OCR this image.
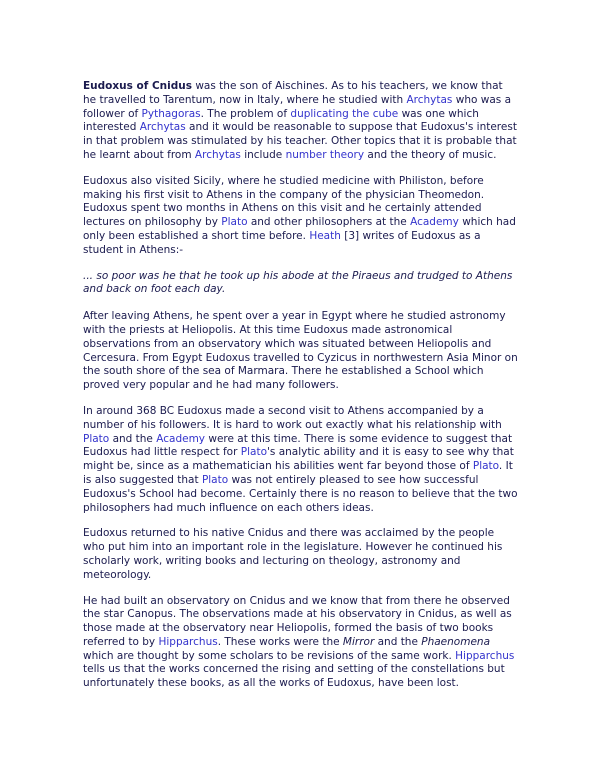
Eudoxus of Cnidus was the son of Aischines. As to his teachers, we know that he travelled to Tarentum, now in Italy, where he studied with Archytas who was a follower of Pythagoras. The problem of duplicating the cube was one which interested Archytas and it would be reasonable to suppose that Eudoxus's interest in that problem was stimulated by his teacher. Other topics that it is probable that he learnt about from Archytas include number theory and the theory of music.

Eudoxus also visited Sicily, where he studied medicine with Philiston, before making his first visit to Athens in the company of the physician Theomedon. Eudoxus spent two months in Athens on this visit and he certainly attended lectures on philosophy by Plato and other philosophers at the Academy which had only been established a short time before. Heath [3] writes of Eudoxus as a student in Athens:-

... so poor was he that he took up his abode at the Piraeus and trudged to Athens and back on foot each day.

After leaving Athens, he spent over a year in Egypt where he studied astronomy with the priests at Heliopolis. At this time Eudoxus made astronomical observations from an observatory which was situated between Heliopolis and Cercesura. From Egypt Eudoxus travelled to Cyzicus in northwestern Asia Minor on the south shore of the sea of Marmara. There he established a School which proved very popular and he had many followers.

In around 368 BC Eudoxus made a second visit to Athens accompanied by a number of his followers. It is hard to work out exactly what his relationship with Plato and the Academy were at this time. There is some evidence to suggest that Eudoxus had little respect for Plato's analytic ability and it is easy to see why that might be, since as a mathematician his abilities went far beyond those of Plato. It is also suggested that Plato was not entirely pleased to see how successful Eudoxus's School had become. Certainly there is no reason to believe that the two philosophers had much influence on each others ideas.

Eudoxus returned to his native Cnidus and there was acclaimed by the people who put him into an important role in the legislature. However he continued his scholarly work, writing books and lecturing on theology, astronomy and meteorology.

He had built an observatory on Cnidus and we know that from there he observed the star Canopus. The observations made at his observatory in Cnidus, as well as those made at the observatory near Heliopolis, formed the basis of two books referred to by Hipparchus. These works were the Mirror and the Phaenomena which are thought by some scholars to be revisions of the same work. Hipparchus tells us that the works concerned the rising and setting of the constellations but unfortunately these books, as all the works of Eudoxus, have been lost.
